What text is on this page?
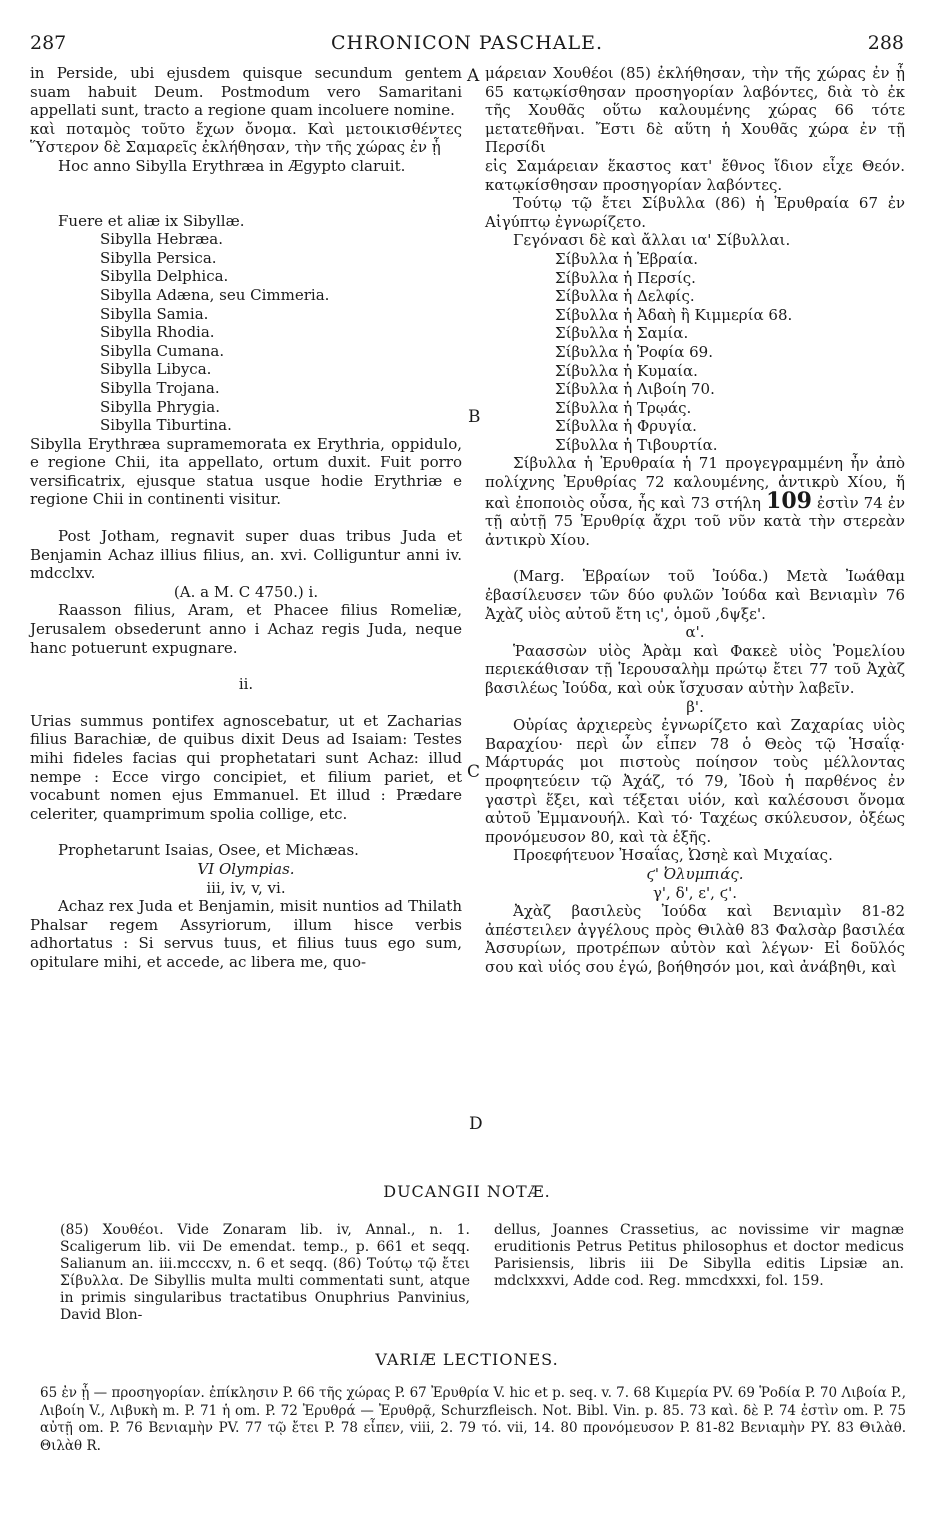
287	CHRONICON PASCHALE.	288
A
B
C
D

in Perside, ubi ejusdem quisque secundum gentem suam habuit Deum. Postmodum vero Samaritani appellati sunt, tracto a regione quam incoluere nomine.

καὶ ποταμὸς τοῦτο ἔχων ὄνομα. Καὶ μετοικισθέντες Ὕστερον δὲ Σαμαρεῖς ἐκλήθησαν, τὴν τῆς χώρας ἐν ᾗ

Hoc anno Sibylla Erythræa in Ægypto claruit.

Fuere et aliæ ix Sibyllæ.

Sibylla Hebræa.

Sibylla Persica.

Sibylla Delphica.

Sibylla Adæna, seu Cimmeria.

Sibylla Samia.

Sibylla Rhodia.

Sibylla Cumana.

Sibylla Libyca.

Sibylla Trojana.

Sibylla Phrygia.

Sibylla Tiburtina.

Sibylla Erythræa supramemorata ex Erythria, oppidulo, e regione Chii, ita appellato, ortum duxit. Fuit porro versificatrix, ejusque statua usque hodie Erythriæ e regione Chii in continenti visitur.

Post Jotham, regnavit super duas tribus Juda et Benjamin Achaz illius filius, an. xvi. Colliguntur anni iv. mdcclxv.

(A. a M. C 4750.) i.

Raasson filius, Aram, et Phacee filius Romeliæ, Jerusalem obsederunt anno i Achaz regis Juda, neque hanc potuerunt expugnare.

ii.

Urias summus pontifex agnoscebatur, ut et Zacharias filius Barachiæ, de quibus dixit Deus ad Isaiam: Testes mihi fideles facias qui prophetatari sunt Achaz: illud nempe : Ecce virgo concipiet, et filium pariet, et vocabunt nomen ejus Emmanuel. Et illud : Prædare celeriter, quamprimum spolia collige, etc.

Prophetarunt Isaias, Osee, et Michæas.

VI Olympias.

iii, iv, v, vi.

Achaz rex Juda et Benjamin, misit nuntios ad Thilath Phalsar regem Assyriorum, illum hisce verbis adhortatus : Si servus tuus, et filius tuus ego sum, opitulare mihi, et accede, ac libera me, quo-

μάρειαν Χουθέοι (85) ἐκλήθησαν, τὴν τῆς χώρας ἐν ᾗ 65 κατῳκίσθησαν προσηγορίαν λαβόντες, διὰ τὸ ἐκ τῆς Χουθᾶς οὕτω καλουμένης χώρας 66 τότε μετατεθῆναι. Ἔστι δὲ αὕτη ἡ Χουθᾶς χώρα ἐν τῇ Περσίδι

εἰς Σαμάρειαν ἕκαστος κατ' ἔθνος ἴδιον εἶχε Θεόν. κατῳκίσθησαν προσηγορίαν λαβόντες.

Τούτῳ τῷ ἔτει Σίβυλλα (86) ἡ Ἐρυθραία 67 ἐν Αἰγύπτῳ ἐγνωρίζετο.

Γεγόνασι δὲ καὶ ἄλλαι ια' Σίβυλλαι.

Σίβυλλα ἡ Ἑβραία.

Σίβυλλα ἡ Περσίς.

Σίβυλλα ἡ Δελφίς.

Σίβυλλα ἡ Ἀδαὴ ἢ Κιμμερία 68.

Σίβυλλα ἡ Σαμία.

Σίβυλλα ἡ Ῥοφία 69.

Σίβυλλα ἡ Κυμαία.

Σίβυλλα ἡ Λιβοίη 70.

Σίβυλλα ἡ Τρῳάς.

Σίβυλλα ἡ Φρυγία.

Σίβυλλα ἡ Τιβουρτία.

Σίβυλλα ἡ Ἐρυθραία ἡ 71 προγεγραμμένη ἦν ἀπὸ πολίχνης Ἐρυθρίας 72 καλουμένης, ἀντικρὺ Χίου, ἥ καὶ ἐποποιὸς οὖσα, ἧς καὶ 73 στήλη 109 ἐστὶν 74 ἐν τῇ αὐτῇ 75 Ἐρυθρίᾳ ἄχρι τοῦ νῦν κατὰ τὴν στερεὰν ἀντικρὺ Χίου.

(Marg. Ἑβραίων τοῦ Ἰούδα.) Μετὰ Ἰωάθαμ ἐβασίλευσεν τῶν δύο φυλῶν Ἰούδα καὶ Βενιαμὶν 76 Ἀχὰζ υἱὸς αὐτοῦ ἔτη ις', ὁμοῦ ,δψξε'.

α'.

Ῥαασσὼν υἱὸς Ἀρὰμ καὶ Φακεὲ υἱὸς Ῥομελίου περιεκάθισαν τῇ Ἱερουσαλὴμ πρώτῳ ἔτει 77 τοῦ Ἀχὰζ βασιλέως Ἰούδα, καὶ οὐκ ἴσχυσαν αὐτὴν λαβεῖν.

β'.

Οὐρίας ἀρχιερεὺς ἐγνωρίζετο καὶ Ζαχαρίας υἱὸς Βαραχίου· περὶ ὧν εἶπεν 78 ὁ Θεὸς τῷ Ἡσαΐᾳ· Μάρτυράς μοι πιστοὺς ποίησον τοὺς μέλλοντας προφητεύειν τῷ Ἀχάζ, τό 79, Ἰδοὺ ἡ παρθένος ἐν γαστρὶ ἕξει, καὶ τέξεται υἱόν, καὶ καλέσουσι ὄνομα αὐτοῦ Ἐμμανουήλ. Καὶ τό· Ταχέως σκύλευσον, ὀξέως προνόμευσον 80, καὶ τὰ ἑξῆς.

Προεφήτευον Ἠσαΐας, Ὠσηὲ καὶ Μιχαίας.

ϛ' Ὀλυμπιάς.

γ', δ', ε', ϛ'.

Ἀχὰζ βασιλεὺς Ἰούδα καὶ Βενιαμὶν 81-82 ἀπέστειλεν ἀγγέλους πρὸς Θιλὰθ 83 Φαλσὰρ βασιλέα Ἀσσυρίων, προτρέπων αὐτὸν καὶ λέγων· Εἰ δοῦλός σου καὶ υἱός σου ἐγώ, βοήθησόν μοι, καὶ ἀνάβηθι, καὶ

DUCANGII NOTÆ.

(85) Χουθέοι. Vide Zonaram lib. iv, Annal., n. 1. Scaligerum lib. vii De emendat. temp., p. 661 et seqq. Salianum an. iii.mcccxv, n. 6 et seqq. (86) Τούτῳ τῷ ἔτει Σίβυλλα. De Sibyllis multa multi commentati sunt, atque in primis singularibus tractatibus Onuphrius Panvinius, David Blon-

dellus, Joannes Crassetius, ac novissime vir magnæ eruditionis Petrus Petitus philosophus et doctor medicus Parisiensis, libris iii De Sibylla editis Lipsiæ an. mdclxxxvi, Adde cod. Reg. mmcdxxxi, fol. 159.

VARIÆ LECTIONES.

65 ἐν ᾗ — προσηγορίαν. ἐπίκλησιν P. 66 τῆς χώρας P. 67 Ἐρυθρία V. hic et p. seq. v. 7. 68 Κιμερία PV. 69 Ῥοδία P. 70 Λιβοία P., Λιβοίη V., Λιβυκὴ m. P. 71 ἡ om. P. 72 Ἐρυθρά — Ἐρυθρᾷ, Schurzfleisch. Not. Bibl. Vin. p. 85. 73 καὶ. δὲ P. 74 ἐστὶν om. P. 75 αὐτῇ om. P. 76 Βενιαμὴν PV. 77 τῷ ἔτει P. 78 εἶπεν, viii, 2. 79 τό. vii, 14. 80 προνόμευσον P. 81-82 Βενιαμὴν PY. 83 Θιλὰθ. Θιλὰθ R.
